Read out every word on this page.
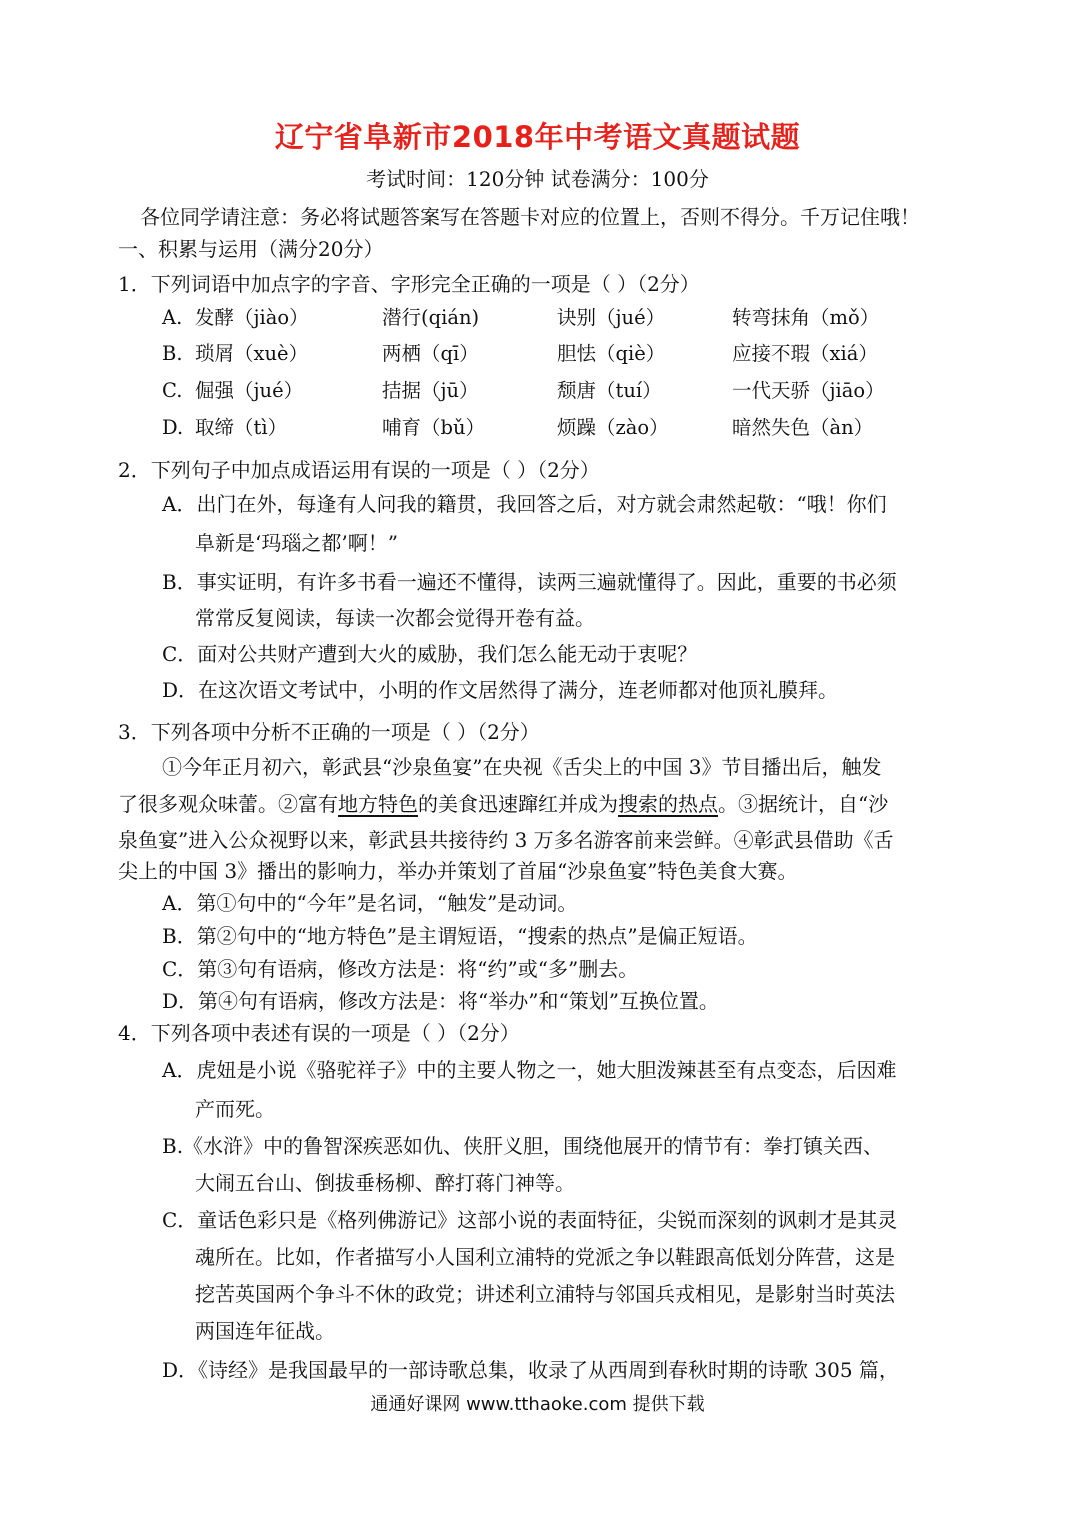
辽宁省阜新市2018年中考语文真题试题
考试时间：120分钟 试卷满分：100分
各位同学请注意：务必将试题答案写在答题卡对应的位置上，否则不得分。千万记住哦！
一、积累与运用（满分20分）
1．下列词语中加点字的字音、字形完全正确的一项是（ ）（2分）
A. 发酵（jiào）	潜行(qián)	诀别（jué）	转弯抹角（mǒ）
B. 琐屑（xuè）	两栖（qī）	胆怯（qiè）	应接不瑕（xiá）
C. 倔强（jué）	拮据（jū）	颓唐（tuí）	一代天骄（jiāo）
D. 取缔（tì）	哺育（bǔ）	烦躁（zào）	暗然失色（àn）
2．下列句子中加点成语运用有误的一项是（ ）（2分）
A．出门在外，每逢有人问我的籍贯，我回答之后，对方就会肃然起敬：“哦！你们
阜新是‘玛瑙之都’啊！”
B．事实证明，有许多书看一遍还不懂得，读两三遍就懂得了。因此，重要的书必须
常常反复阅读，每读一次都会觉得开卷有益。
C．面对公共财产遭到大火的威胁，我们怎么能无动于衷呢？
D．在这次语文考试中，小明的作文居然得了满分，连老师都对他顶礼膜拜。
3．下列各项中分析不正确的一项是（ ）（2分）
①今年正月初六，彰武县“沙泉鱼宴”在央视《舌尖上的中国 3》节目播出后，触发
了很多观众味蕾。②富有地方特色的美食迅速蹿红并成为搜索的热点。③据统计，自“沙
泉鱼宴”进入公众视野以来，彰武县共接待约 3 万多名游客前来尝鲜。④彰武县借助《舌
尖上的中国 3》播出的影响力，举办并策划了首届“沙泉鱼宴”特色美食大赛。
A．第①句中的“今年”是名词，“触发”是动词。
B．第②句中的“地方特色”是主谓短语，“搜索的热点”是偏正短语。
C．第③句有语病，修改方法是：将“约”或“多”删去。
D．第④句有语病，修改方法是：将“举办”和“策划”互换位置。
4．下列各项中表述有误的一项是（ ）（2分）
A．虎妞是小说《骆驼祥子》中的主要人物之一，她大胆泼辣甚至有点变态，后因难
产而死。
B.《水浒》中的鲁智深疾恶如仇、侠肝义胆，围绕他展开的情节有：拳打镇关西、
大闹五台山、倒拔垂杨柳、醉打蒋门神等。
C．童话色彩只是《格列佛游记》这部小说的表面特征，尖锐而深刻的讽刺才是其灵
魂所在。比如，作者描写小人国利立浦特的党派之争以鞋跟高低划分阵营，这是
挖苦英国两个争斗不休的政党；讲述利立浦特与邻国兵戎相见，是影射当时英法
两国连年征战。
D．《诗经》是我国最早的一部诗歌总集，收录了从西周到春秋时期的诗歌 305 篇，
通通好课网 www.tthaoke.com 提供下载
